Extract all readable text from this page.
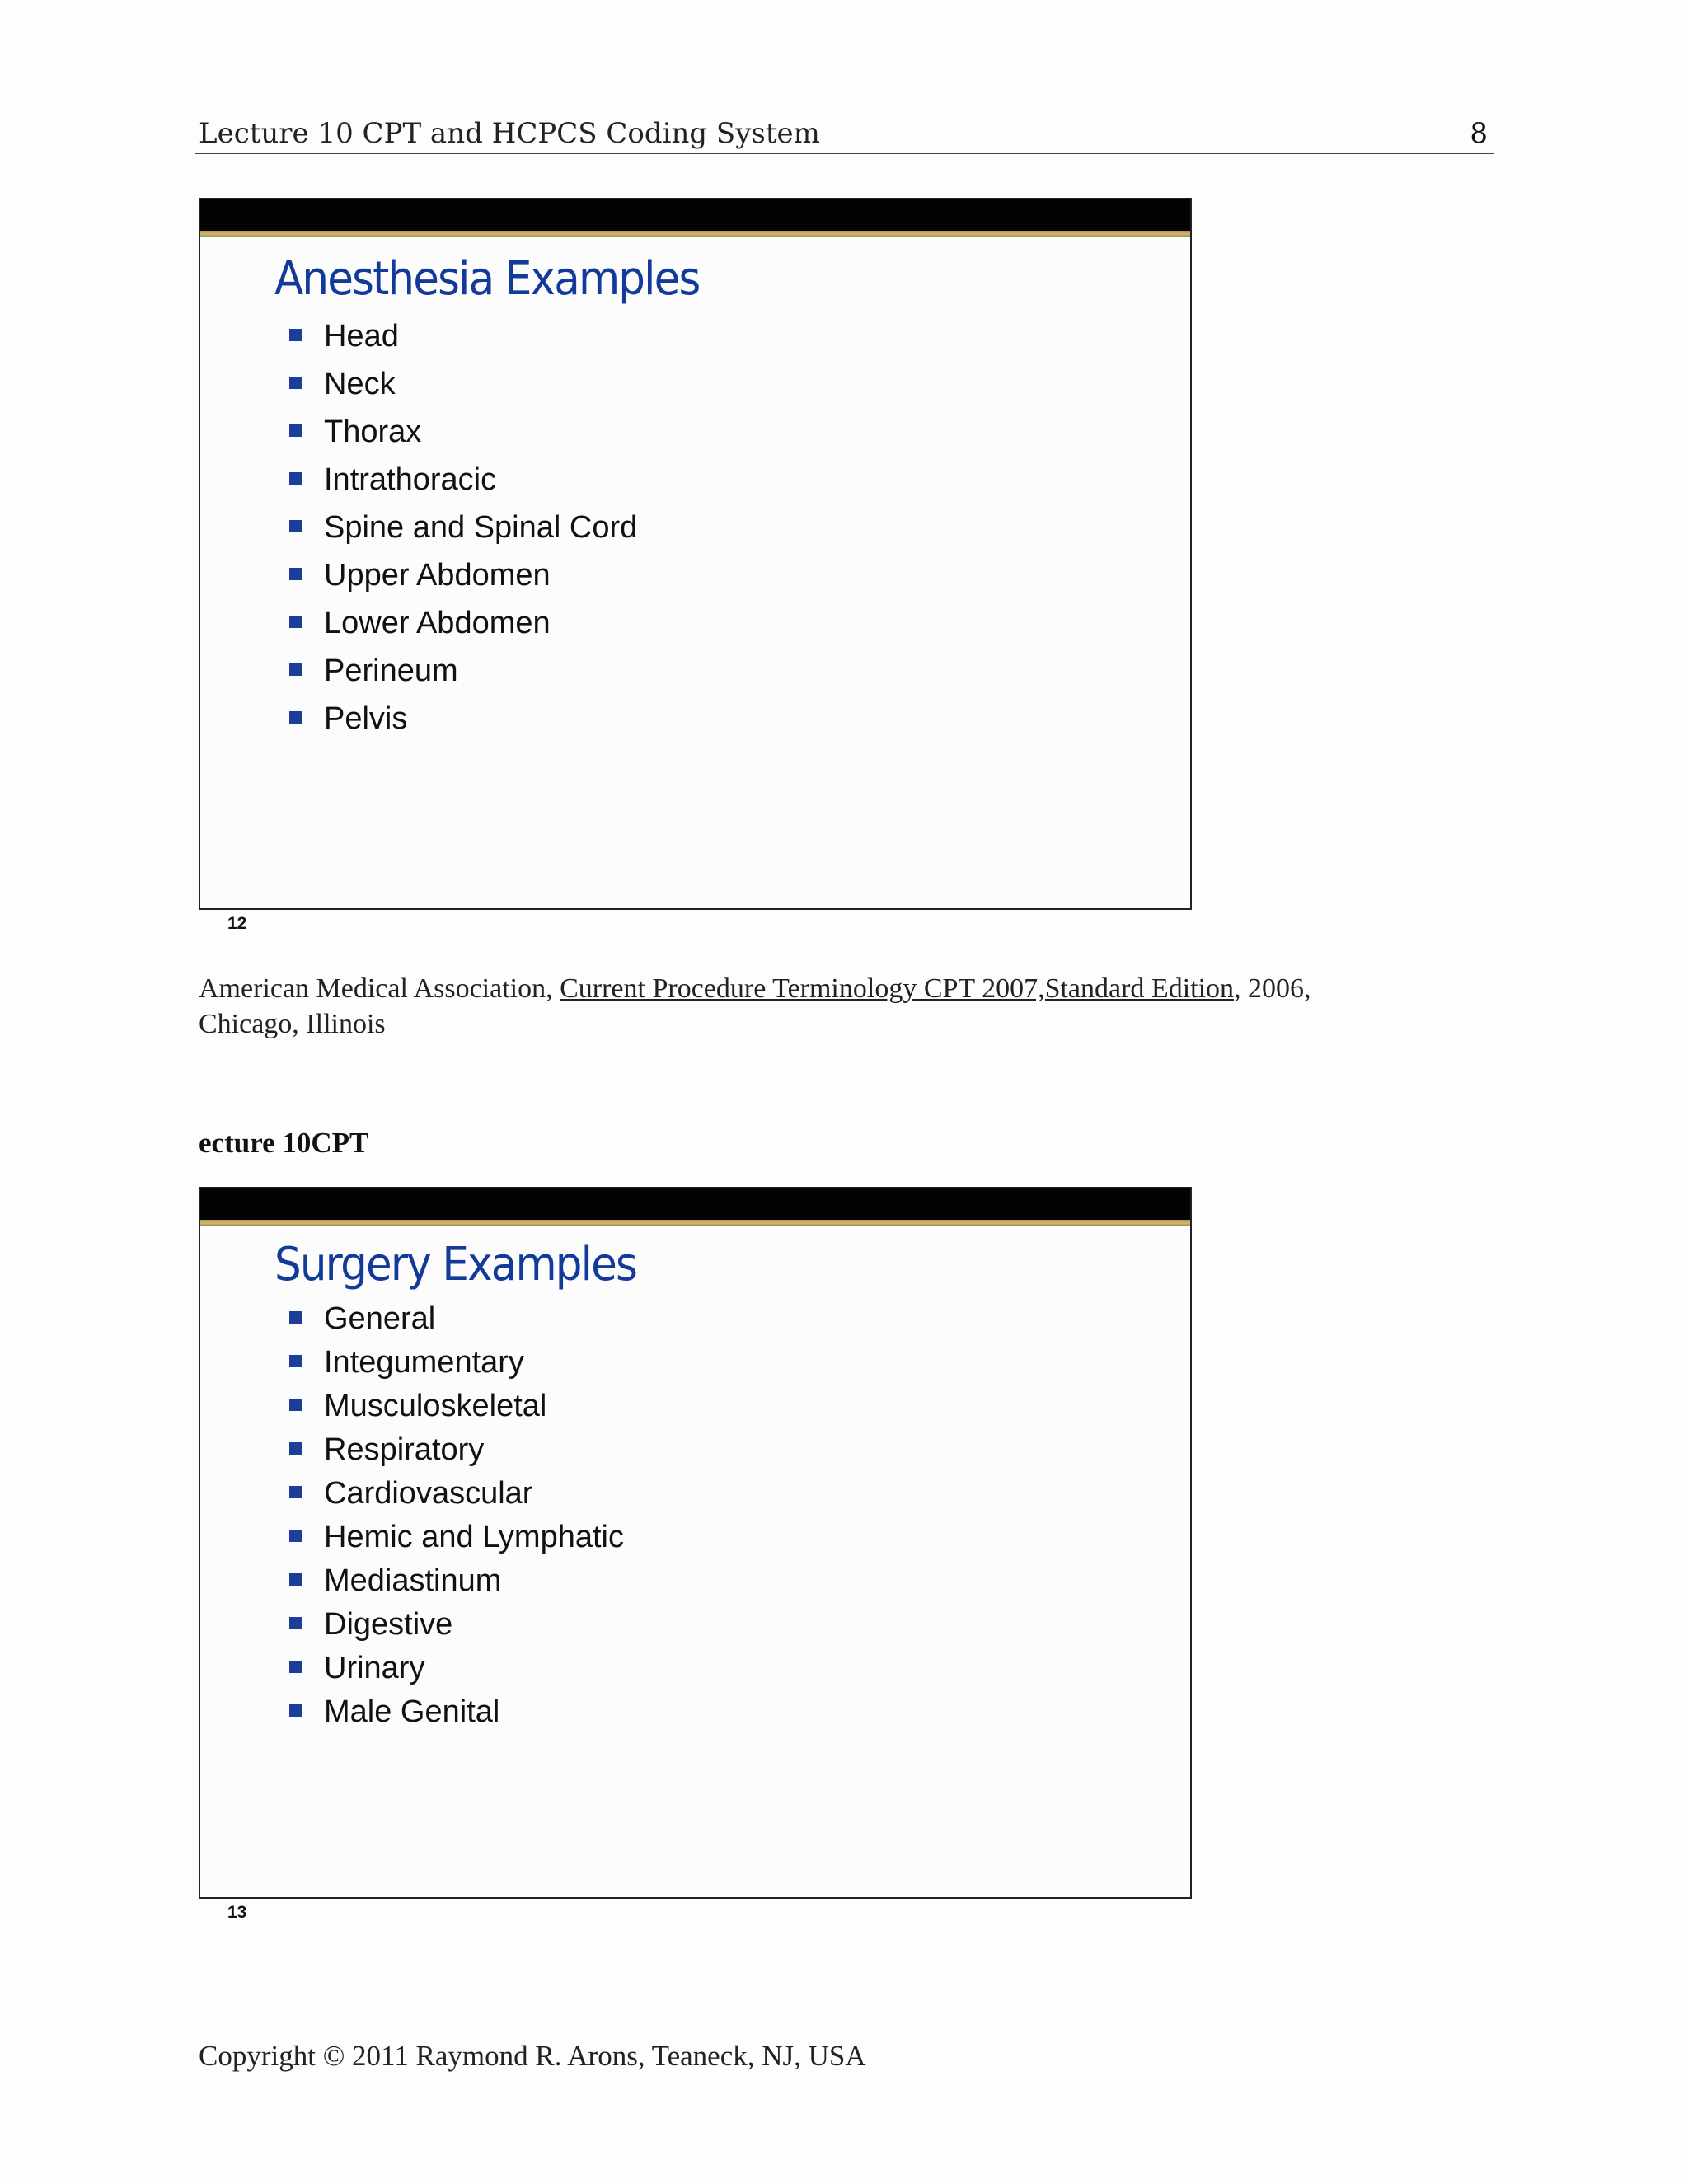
Lecture 10 CPT and HCPCS Coding System	8
Anesthesia Examples
Head
Neck
Thorax
Intrathoracic
Spine and Spinal Cord
Upper Abdomen
Lower Abdomen
Perineum
Pelvis
12
American Medical Association, Current Procedure Terminology CPT 2007,Standard Edition, 2006,
Chicago, Illinois
ecture 10CPT
Surgery Examples
General
Integumentary
Musculoskeletal
Respiratory
Cardiovascular
Hemic and Lymphatic
Mediastinum
Digestive
Urinary
Male Genital
13
Copyright © 2011 Raymond R. Arons, Teaneck, NJ, USA
